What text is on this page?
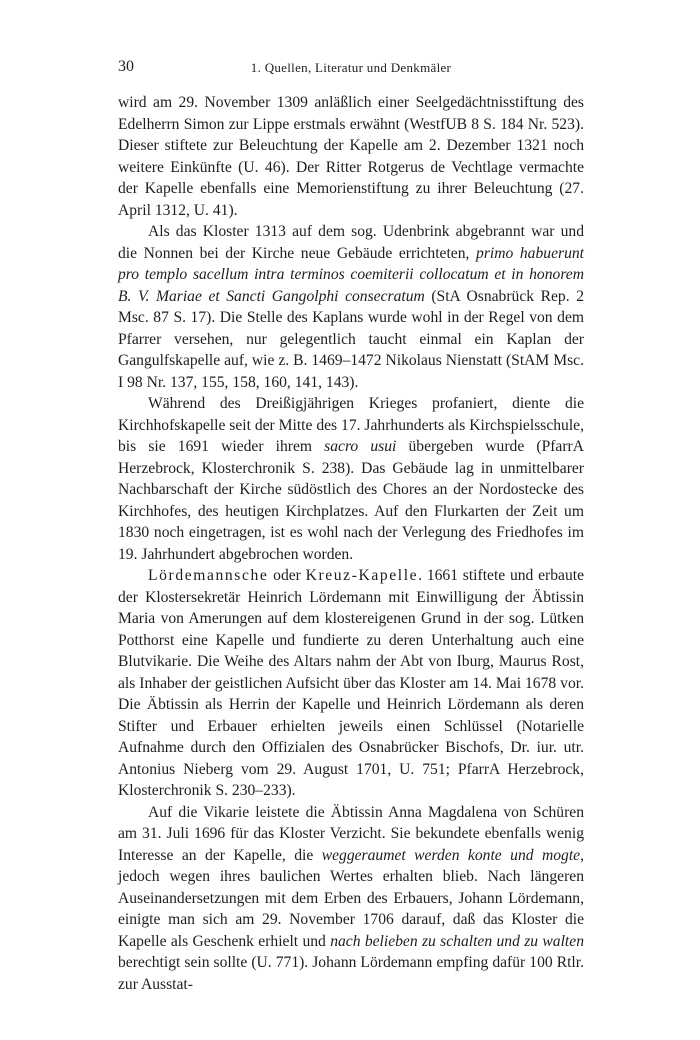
30	1. Quellen, Literatur und Denkmäler

wird am 29. November 1309 anläßlich einer Seelgedächtnisstiftung des Edelherrn Simon zur Lippe erstmals erwähnt (WestfUB 8 S. 184 Nr. 523). Dieser stiftete zur Beleuchtung der Kapelle am 2. Dezember 1321 noch weitere Einkünfte (U. 46). Der Ritter Rotgerus de Vechtlage vermachte der Kapelle ebenfalls eine Memorienstiftung zu ihrer Beleuchtung (27. April 1312, U. 41).

Als das Kloster 1313 auf dem sog. Udenbrink abgebrannt war und die Nonnen bei der Kirche neue Gebäude errichteten, primo habuerunt pro templo sacellum intra terminos coemiterii collocatum et in honorem B. V. Mariae et Sancti Gangolphi consecratum (StA Osnabrück Rep. 2 Msc. 87 S. 17). Die Stelle des Kaplans wurde wohl in der Regel von dem Pfarrer versehen, nur gelegentlich taucht einmal ein Kaplan der Gangulfskapelle auf, wie z. B. 1469–1472 Nikolaus Nienstatt (StAM Msc. I 98 Nr. 137, 155, 158, 160, 141, 143).

Während des Dreißigjährigen Krieges profaniert, diente die Kirchhofskapelle seit der Mitte des 17. Jahrhunderts als Kirchspielsschule, bis sie 1691 wieder ihrem sacro usui übergeben wurde (PfarrA Herzebrock, Klosterchronik S. 238). Das Gebäude lag in unmittelbarer Nachbarschaft der Kirche südöstlich des Chores an der Nordostecke des Kirchhofes, des heutigen Kirchplatzes. Auf den Flurkarten der Zeit um 1830 noch eingetragen, ist es wohl nach der Verlegung des Friedhofes im 19. Jahrhundert abgebrochen worden.

Lördemannsche oder Kreuz-Kapelle. 1661 stiftete und erbaute der Klostersekretär Heinrich Lördemann mit Einwilligung der Äbtissin Maria von Amerungen auf dem klostereigenen Grund in der sog. Lütken Potthorst eine Kapelle und fundierte zu deren Unterhaltung auch eine Blutvikarie. Die Weihe des Altars nahm der Abt von Iburg, Maurus Rost, als Inhaber der geistlichen Aufsicht über das Kloster am 14. Mai 1678 vor. Die Äbtissin als Herrin der Kapelle und Heinrich Lördemann als deren Stifter und Erbauer erhielten jeweils einen Schlüssel (Notarielle Aufnahme durch den Offizialen des Osnabrücker Bischofs, Dr. iur. utr. Antonius Nieberg vom 29. August 1701, U. 751; PfarrA Herzebrock, Klosterchronik S. 230–233).

Auf die Vikarie leistete die Äbtissin Anna Magdalena von Schüren am 31. Juli 1696 für das Kloster Verzicht. Sie bekundete ebenfalls wenig Interesse an der Kapelle, die weggeraumet werden konte und mogte, jedoch wegen ihres baulichen Wertes erhalten blieb. Nach längeren Auseinandersetzungen mit dem Erben des Erbauers, Johann Lördemann, einigte man sich am 29. November 1706 darauf, daß das Kloster die Kapelle als Geschenk erhielt und nach belieben zu schalten und zu walten berechtigt sein sollte (U. 771). Johann Lördemann empfing dafür 100 Rtlr. zur Ausstat-
